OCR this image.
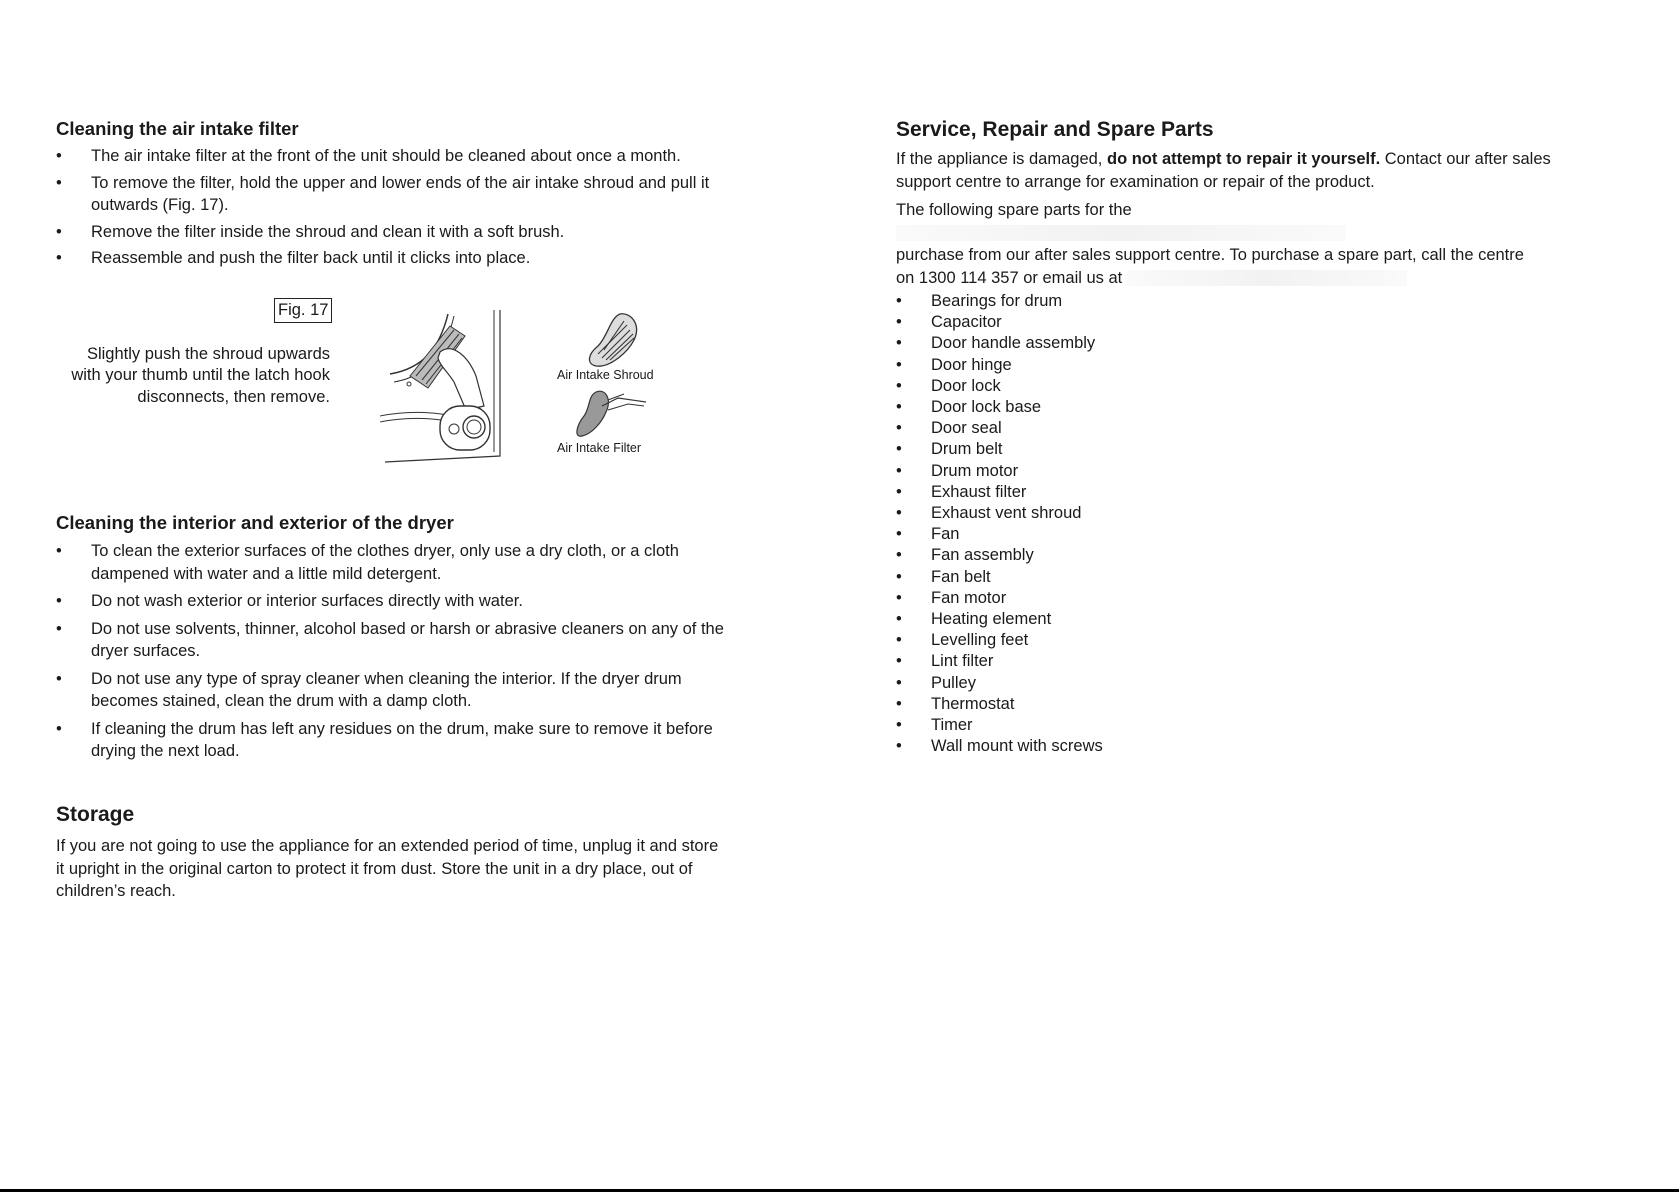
Cleaning the air intake filter
•	The air intake filter at the front of the unit should be cleaned about once a month.
•	To remove the filter, hold the upper and lower ends of the air intake shroud and pull it outwards (Fig. 17).
•	Remove the filter inside the shroud and clean it with a soft brush.
•	Reassemble and push the filter back until it clicks into place.
Fig. 17
Slightly push the shroud upwards with your thumb until the latch hook disconnects, then remove.
Air Intake Shroud
Air Intake Filter
Cleaning the interior and exterior of the dryer
•	To clean the exterior surfaces of the clothes dryer, only use a dry cloth, or a cloth dampened with water and a little mild detergent.
•	Do not wash exterior or interior surfaces directly with water.
•	Do not use solvents, thinner, alcohol based or harsh or abrasive cleaners on any of the dryer surfaces.
•	Do not use any type of spray cleaner when cleaning the interior. If the dryer drum becomes stained, clean the drum with a damp cloth.
•	If cleaning the drum has left any residues on the drum, make sure to remove it before drying the next load.
Storage

If you are not going to use the appliance for an extended period of time, unplug it and store it upright in the original carton to protect it from dust. Store the unit in a dry place, out of children’s reach.

Service, Repair and Spare Parts

If the appliance is damaged, do not attempt to repair it yourself. Contact our after sales support centre to arrange for examination or repair of the product.

The following spare parts for the
purchase from our after sales support centre. To purchase a spare part, call the centre
on 1300 114 357 or email us at

•	Bearings for drum
•	Capacitor
•	Door handle assembly
•	Door hinge
•	Door lock
•	Door lock base
•	Door seal
•	Drum belt
•	Drum motor
•	Exhaust filter
•	Exhaust vent shroud
•	Fan
•	Fan assembly
•	Fan belt
•	Fan motor
•	Heating element
•	Levelling feet
•	Lint filter
•	Pulley
•	Thermostat
•	Timer
•	Wall mount with screws
